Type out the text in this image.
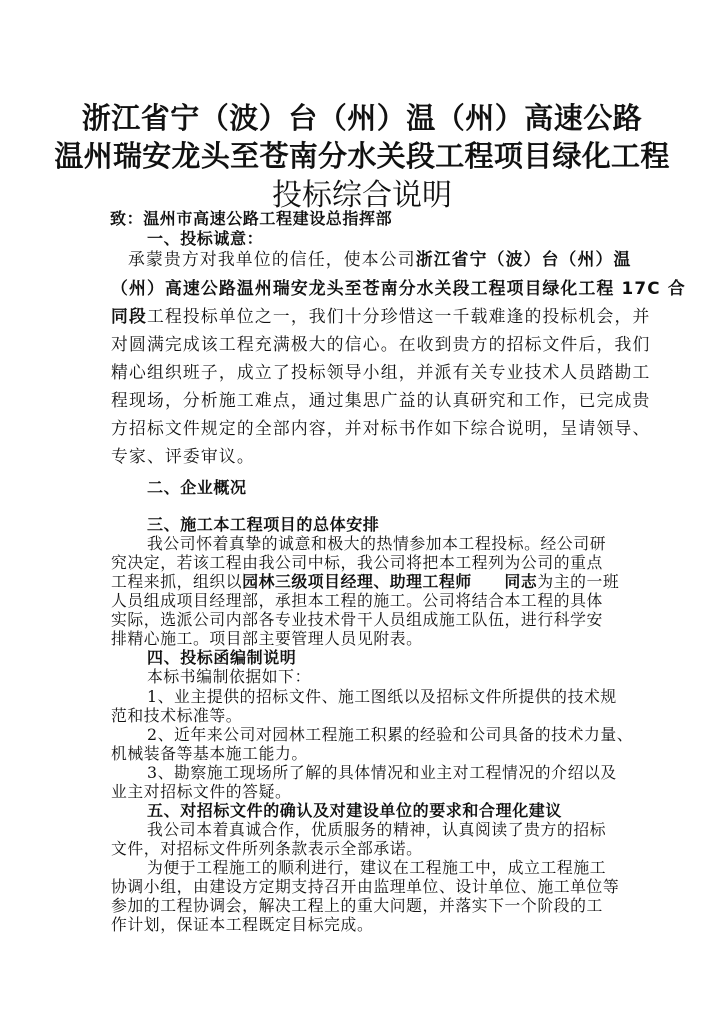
浙江省宁（波）台（州）温（州）高速公路
温州瑞安龙头至苍南分水关段工程项目绿化工程
投标综合说明
致：温州市高速公路工程建设总指挥部
一、投标诚意：
承蒙贵方对我单位的信任，使本公司浙江省宁（波）台（州）温
（州）高速公路温州瑞安龙头至苍南分水关段工程项目绿化工程 17C 合
同段工程投标单位之一，我们十分珍惜这一千载难逢的投标机会，并
对圆满完成该工程充满极大的信心。在收到贵方的招标文件后，我们
精心组织班子，成立了投标领导小组，并派有关专业技术人员踏勘工
程现场，分析施工难点，通过集思广益的认真研究和工作，已完成贵
方招标文件规定的全部内容，并对标书作如下综合说明，呈请领导、
专家、评委审议。
二、企业概况
三、施工本工程项目的总体安排
我公司怀着真挚的诚意和极大的热情参加本工程投标。经公司研
究决定，若该工程由我公司中标，我公司将把本工程列为公司的重点
工程来抓，组织以园林三级项目经理、助理工程师　　同志为主的一班
人员组成项目经理部，承担本工程的施工。公司将结合本工程的具体
实际，选派公司内部各专业技术骨干人员组成施工队伍，进行科学安
排精心施工。项目部主要管理人员见附表。
四、投标函编制说明
本标书编制依据如下：
1、业主提供的招标文件、施工图纸以及招标文件所提供的技术规
范和技术标准等。
2、近年来公司对园林工程施工积累的经验和公司具备的技术力量、
机械装备等基本施工能力。
3、勘察施工现场所了解的具体情况和业主对工程情况的介绍以及
业主对招标文件的答疑。
五、对招标文件的确认及对建设单位的要求和合理化建议
我公司本着真诚合作，优质服务的精神，认真阅读了贵方的招标
文件，对招标文件所列条款表示全部承诺。
为便于工程施工的顺利进行，建议在工程施工中，成立工程施工
协调小组，由建设方定期支持召开由监理单位、设计单位、施工单位等
参加的工程协调会，解决工程上的重大问题，并落实下一个阶段的工
作计划，保证本工程既定目标完成。
